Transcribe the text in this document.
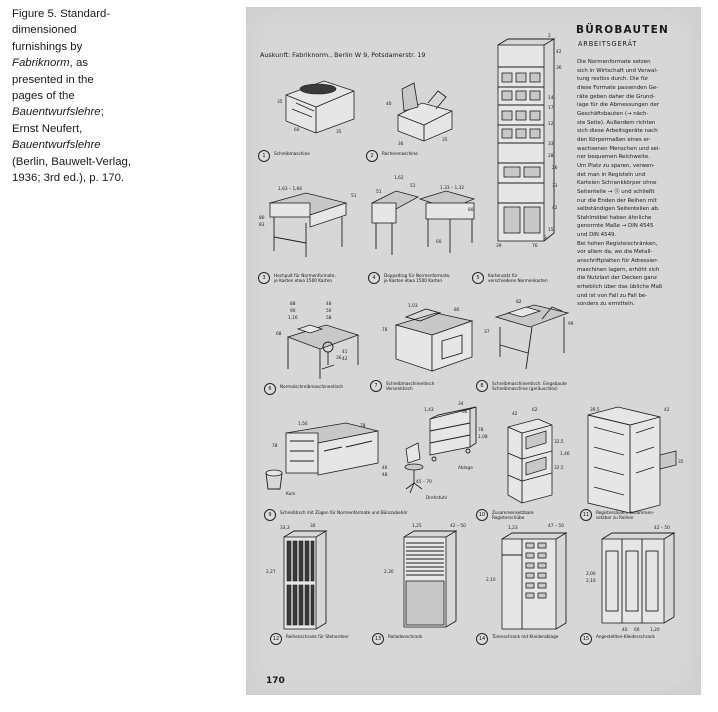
Figure 5. Standard-
dimensioned
furnishings by
Fabriknorm, as
presented in the
pages of the
Bauentwurfslehre;
Ernst Neufert,
Bauentwurfslehre
(Berlin, Bauwelt-Verlag,
1936; 3rd ed.), p. 170.
35
60	35
40
36
35
1,63 – 1,66
51
80
83
1,62
51
51	1,33 – 1,32
80
60
42
36
14
17
12
33
26
33
42
15
39	76
2
28
3
88
90
1,16
48
50
58
68
36
41
42
1,03
80
78
82
99
37
1,56	78
78
46
48
Kork
45 – 70
Drehstuhl
34
66
1,43
78
1,08
Ablage
42
62
32,5
32,5
1,46
39,5	42
35
33,3	30
2,27
1,25	42 – 50
2,30
1,23	47 – 50
2,10
42 – 50
2,00
2,10
40 60 1,20
Auskunft: Fabriknorm., Berlin W 9, Potsdamerstr. 19
BÜROBAUTEN
ARBEITSGERÄT
Die Normenformate setzen
sich in Wirtschaft und Verwal-
tung restlos durch. Die für
diese Formate passenden Ge-
räte geben daher die Grund-
lage für die Abmessungen der
Geschäftsbauten (→ näch-
ste Seite). Außerdem richten
sich diese Arbeitsgeräte nach
den Körpermaßen eines er-
wachsenen Menschen und sei-
ner bequemen Reichweite.
Um Platz zu sparen, verwen-
det man in Registeln und
Karteien Schrankkörper ohne
Seitenteile → ⑪ und schließt
nur die Enden der Reihen mit
selbständigen Seitenteilen ab.
Stahlmöbel haben ähnliche
genormte Maße → DIN 4545
und DIN 4549.
Bei hohen Registeischränken,
vor allem da, wo die Metall-
anschriftplatten für Adressier-
maschinen lagern, erhöht sich
die Nutzlast der Decken ganz
erheblich über das übliche Maß
und ist von Fall zu Fall be-
sonders zu ermitteln.
1	Schreibmaschine	2	Rechenmaschine
3	Hochpult für Normenformate,
je Kasten etwa 1500 Karten	4	Doppeltrog für Normenformate,
je Kasten etwa 1500 Karten	5	Kartensatz für
verschiedene Normenkarten
6	Normalschreibmaschinentisch	7	Schreibmaschinentisch
Versenktisch	8	Schreibmaschinentisch. Eingebaute
Schreibmaschine (geräuschlos)
9	Schreibtisch mit Zügen für Normenformate und Bürozubehör	10	Zusammensetzbare
Registerschübe	11	Registersäulen, zusammen-
setzbar zu Reihen
12	Reihenschrank für Stehordner	13	Rolladenschrank	14	Türenschrank mit Kleiderablage	15	Angestellten-Kleiderschrank
170
